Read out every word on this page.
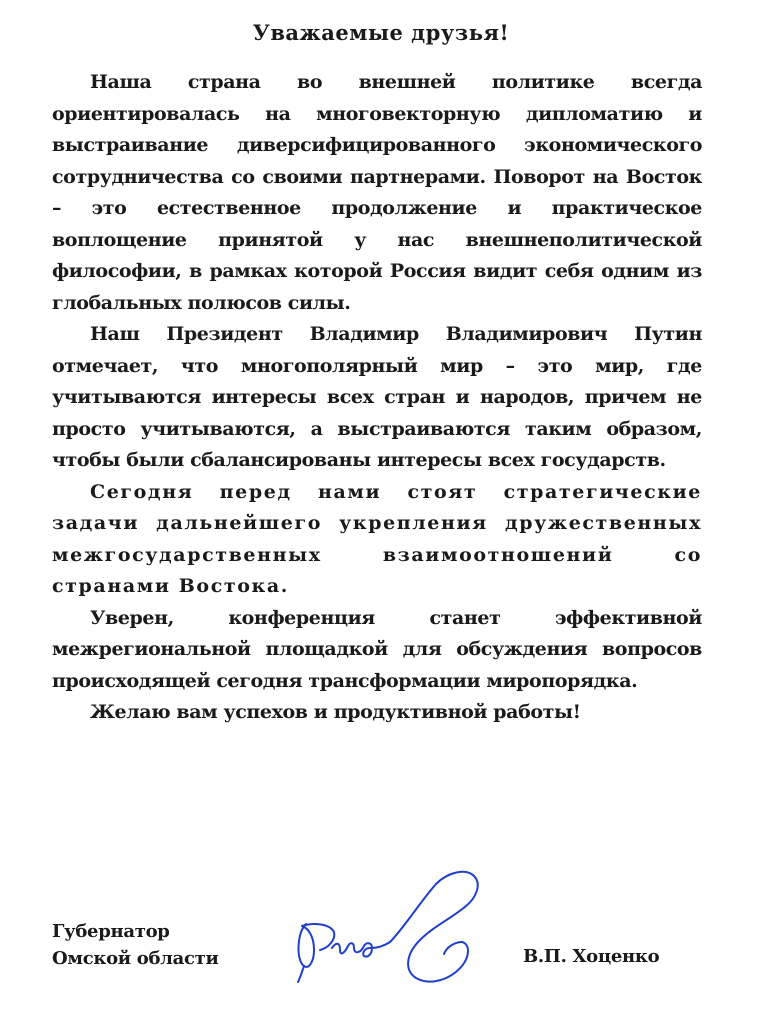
Уважаемые друзья!

Наша страна во внешней политике всегда ориентировалась на многовекторную дипломатию и выстраивание диверсифицированного экономического сотрудничества со своими партнерами. Поворот на Восток – это естественное продолжение и практическое воплощение принятой у нас внешнеполитической философии, в рамках которой Россия видит себя одним из глобальных полюсов силы.

Наш Президент Владимир Владимирович Путин отмечает, что многополярный мир – это мир, где учитываются интересы всех стран и народов, причем не просто учитываются, а выстраиваются таким образом, чтобы были сбалансированы интересы всех государств.

Сегодня перед нами стоят стратегические задачи дальнейшего укрепления дружественных межгосударственных взаимоотношений со странами Востока.

Уверен, конференция станет эффективной межрегиональной площадкой для обсуждения вопросов происходящей сегодня трансформации миропорядка.

Желаю вам успехов и продуктивной работы!

Губернатор
Омской области	В.П. Хоценко
